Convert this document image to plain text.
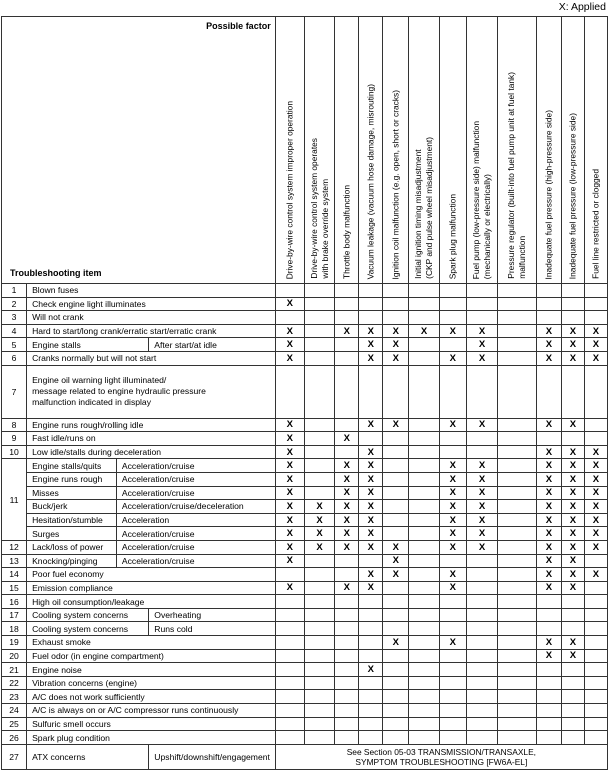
X: Applied
Possible factor
Troubleshooting item				Drive-by-wire control system improper operation	Drive-by-wire control system operates
with brake override system	Throttle body malfunction	Vacuum leakage (vacuum hose damage, misrouting)	Ignition coil malfunction (e.g. open, short or cracks)	Initial ignition timing misadjustment
(CKP and pulse wheel misadjustment)	Spark plug malfunction	Fuel pump (low-pressure side) malfunction
(mechanically or electrically)	Pressure regulator (built-into fuel pump unit at fuel tank)
malfunction	Inadequate fuel pressure (high-pressure side)	Inadequate fuel pressure (low-pressure side)	Fuel line restricted or clogged

1	Blown fuses														
2	Check engine light illuminates			X											
3	Will not crank														
4	Hard to start/long crank/erratic start/erratic crank			X		X	X	X	X	X	X		X	X	X
5	Engine stalls		After start/at idle	X			X	X			X		X	X	X
6	Cranks normally but will not start			X			X	X		X	X		X	X	X
7	Engine oil warning light illuminated/
message related to engine hydraulic pressure
malfunction indicated in display														
8	Engine runs rough/rolling idle			X			X	X		X	X		X	X	
9	Fast idle/runs on			X		X									
10	Low idle/stalls during deceleration			X			X						X	X	X
11	Engine stalls/quits	Acceleration/cruise		X		X	X			X	X		X	X	X
	Engine runs rough	Acceleration/cruise		X		X	X			X	X		X	X	X
	Misses	Acceleration/cruise		X		X	X			X	X		X	X	X
	Buck/jerk	Acceleration/cruise/deceleration		X	X	X	X			X	X		X	X	X
	Hesitation/stumble	Acceleration		X	X	X	X			X	X		X	X	X
	Surges	Acceleration/cruise		X	X	X	X			X	X		X	X	X
12	Lack/loss of power	Acceleration/cruise		X	X	X	X	X		X	X		X	X	X
13	Knocking/pinging	Acceleration/cruise		X				X					X	X	
14	Poor fuel economy						X	X		X			X	X	X
15	Emission compliance			X		X	X			X			X	X	
16	High oil consumption/leakage														
17	Cooling system concerns		Overheating												
18	Cooling system concerns		Runs cold												
19	Exhaust smoke							X		X			X	X	
20	Fuel odor (in engine compartment)												X	X	
21	Engine noise						X								
22	Vibration concerns (engine)														
23	A/C does not work sufficiently														
24	A/C is always on or A/C compressor runs continuously														
25	Sulfuric smell occurs														
26	Spark plug condition														
27	ATX concerns		Upshift/downshift/engagement	See Section 05-03 TRANSMISSION/TRANSAXLE,
SYMPTOM TROUBLESHOOTING [FW6A-EL]											
